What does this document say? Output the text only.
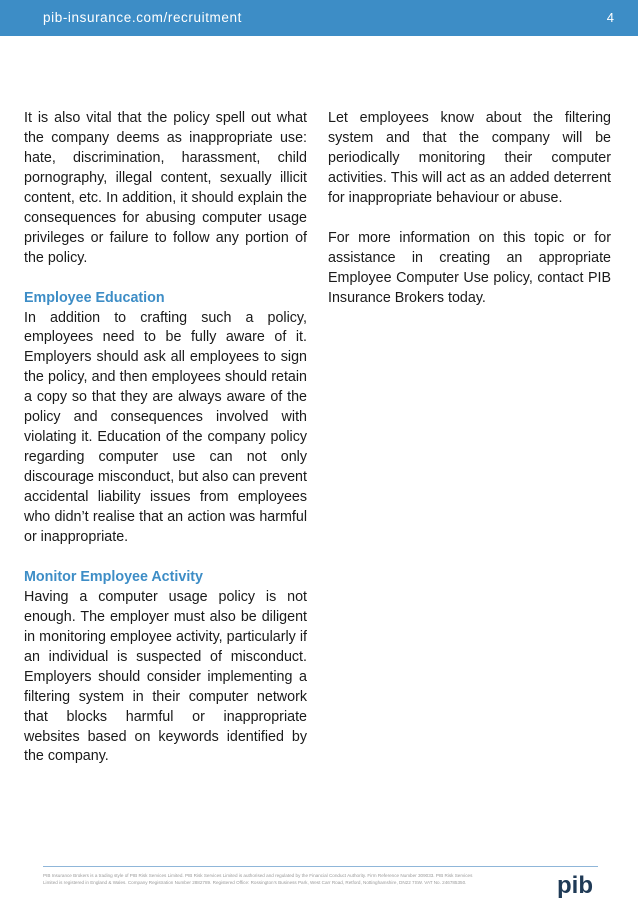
pib-insurance.com/recruitment	4

It is also vital that the policy spell out what the company deems as inappropriate use: hate, discrimination, harassment, child pornography, illegal content, sexually illicit content, etc. In addition, it should explain the consequences for abusing computer usage privileges or failure to follow any portion of the policy.

Employee Education

In addition to crafting such a policy, employees need to be fully aware of it. Employers should ask all employees to sign the policy, and then employees should retain a copy so that they are always aware of the policy and consequences involved with violating it. Education of the company policy regarding computer use can not only discourage misconduct, but also can prevent accidental liability issues from employees who didn’t realise that an action was harmful or inappropriate.

Monitor Employee Activity

Having a computer usage policy is not enough. The employer must also be diligent in monitoring employee activity, particularly if an individual is suspected of misconduct. Employers should consider implementing a filtering system in their computer network that blocks harmful or inappropriate websites based on keywords identified by the company.

Let employees know about the filtering system and that the company will be periodically monitoring their computer activities. This will act as an added deterrent for inappropriate behaviour or abuse.

For more information on this topic or for assistance in creating an appropriate Employee Computer Use policy, contact PIB Insurance Brokers today.

PIB Insurance Brokers is a trading style of PIB Risk Services Limited. PIB Risk Services Limited is authorised and regulated by the Financial Conduct Authority. Firm Reference Number 309033. PIB Risk Services

Limited is registered in England & Wales. Company Registration Number 2882789. Registered Office: Rossington’s Business Park, West Carr Road, Retford, Nottinghamshire, DN22 7SW. VAT No. 246785350.	pib
